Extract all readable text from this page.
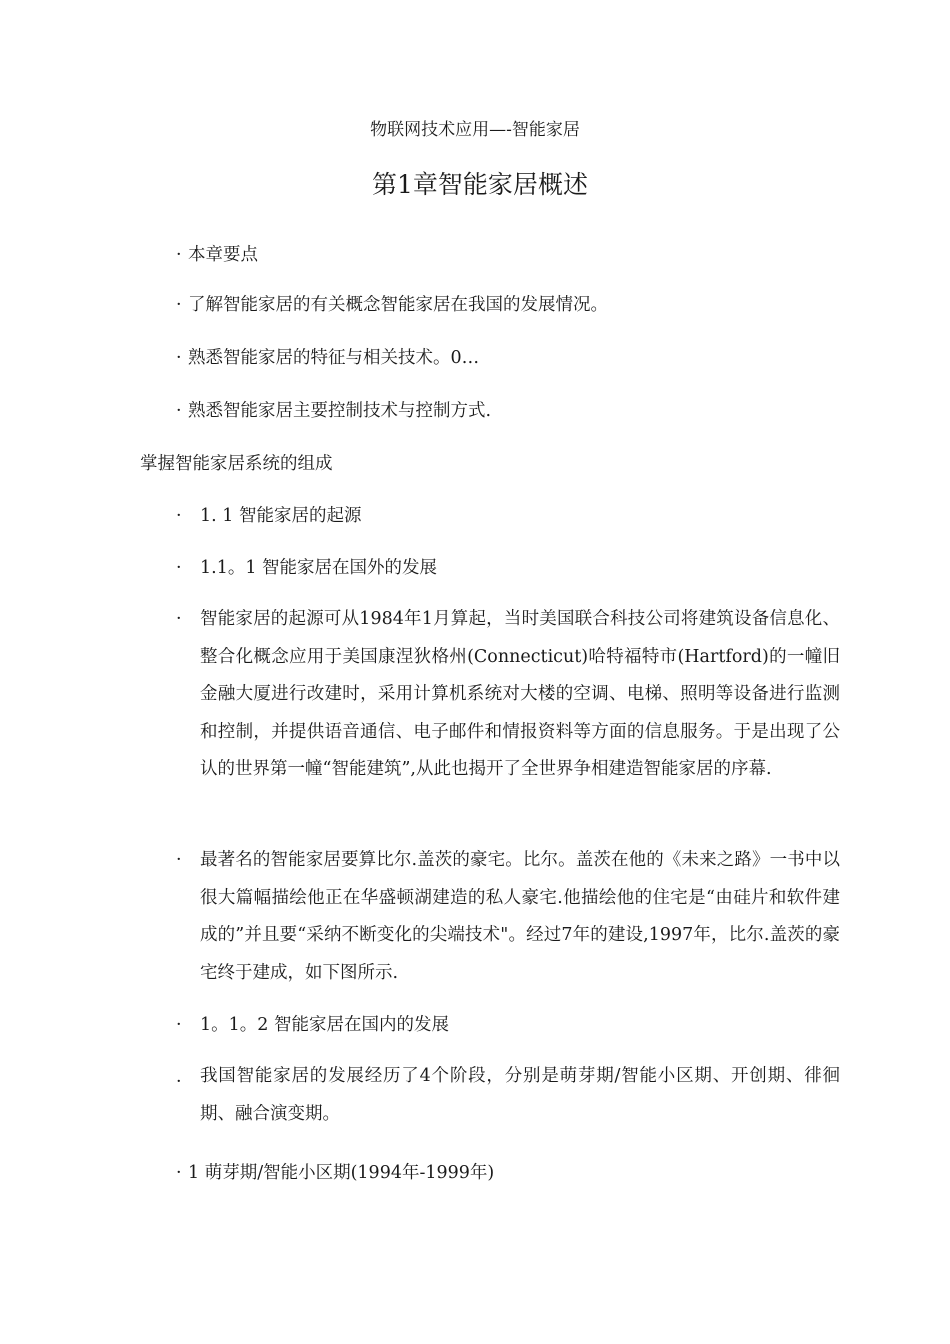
物联网技术应用—-智能家居
第1章智能家居概述
· 本章要点
· 了解智能家居的有关概念智能家居在我国的发展情况。
· 熟悉智能家居的特征与相关技术。0…
· 熟悉智能家居主要控制技术与控制方式.
掌握智能家居系统的组成
· 1. 1 智能家居的起源
· 1.1。1 智能家居在国外的发展
· 智能家居的起源可从1984年1月算起，当时美国联合科技公司将建筑设备信息化、整合化概念应用于美国康涅狄格州(Connecticut)哈特福特市(Hartford)的一幢旧金融大厦进行改建时，采用计算机系统对大楼的空调、电梯、照明等设备进行监测和控制，并提供语音通信、电子邮件和情报资料等方面的信息服务。于是出现了公认的世界第一幢“智能建筑”,从此也揭开了全世界争相建造智能家居的序幕.
· 最著名的智能家居要算比尔.盖茨的豪宅。比尔。盖茨在他的《未来之路》一书中以很大篇幅描绘他正在华盛顿湖建造的私人豪宅.他描绘他的住宅是“由硅片和软件建成的”并且要“采纳不断变化的尖端技术"。经过7年的建设,1997年，比尔.盖茨的豪宅终于建成，如下图所示.
· 1。1。2 智能家居在国内的发展
· 我国智能家居的发展经历了4个阶段，分别是萌芽期/智能小区期、开创期、徘徊期、融合演变期。
· 1 萌芽期/智能小区期(1994年-1999年)
